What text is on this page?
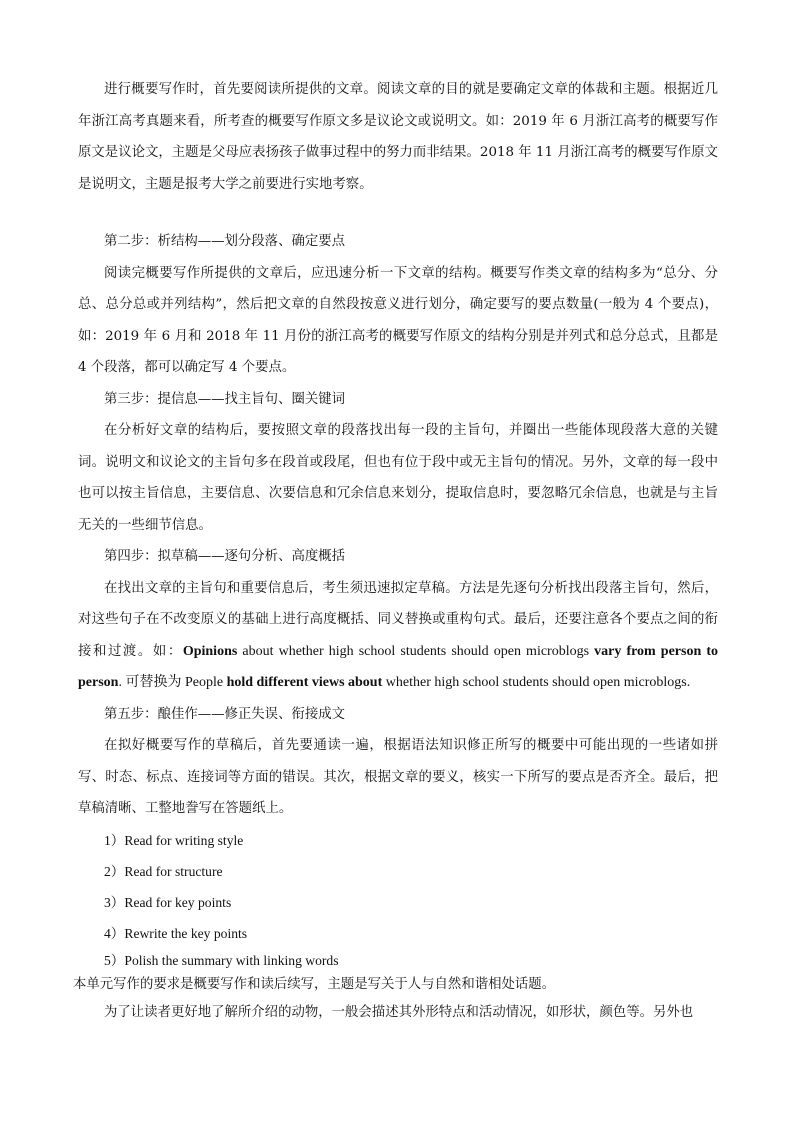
进行概要写作时，首先要阅读所提供的文章。阅读文章的目的就是要确定文章的体裁和主题。根据近几年浙江高考真题来看，所考查的概要写作原文多是议论文或说明文。如：2019 年 6 月浙江高考的概要写作原文是议论文，主题是父母应表扬孩子做事过程中的努力而非结果。2018 年 11 月浙江高考的概要写作原文是说明文，主题是报考大学之前要进行实地考察。

第二步：析结构——划分段落、确定要点

阅读完概要写作所提供的文章后，应迅速分析一下文章的结构。概要写作类文章的结构多为“总分、分总、总分总或并列结构”，然后把文章的自然段按意义进行划分，确定要写的要点数量(一般为 4 个要点)，如：2019 年 6 月和 2018 年 11 月份的浙江高考的概要写作原文的结构分别是并列式和总分总式，且都是 4 个段落，都可以确定写 4 个要点。

第三步：提信息——找主旨句、圈关键词

在分析好文章的结构后，要按照文章的段落找出每一段的主旨句，并圈出一些能体现段落大意的关键词。说明文和议论文的主旨句多在段首或段尾，但也有位于段中或无主旨句的情况。另外，文章的每一段中也可以按主旨信息，主要信息、次要信息和冗余信息来划分，提取信息时，要忽略冗余信息，也就是与主旨无关的一些细节信息。

第四步：拟草稿——逐句分析、高度概括

在找出文章的主旨句和重要信息后，考生须迅速拟定草稿。方法是先逐句分析找出段落主旨句，然后，对这些句子在不改变原义的基础上进行高度概括、同义替换或重构句式。最后，还要注意各个要点之间的衔接和过渡。如：Opinions about whether high school students should open microblogs vary from person to person. 可替换为 People hold different views about whether high school students should open microblogs.

第五步：酿佳作——修正失误、衔接成文

在拟好概要写作的草稿后，首先要通读一遍，根据语法知识修正所写的概要中可能出现的一些诸如拼写、时态、标点、连接词等方面的错误。其次，根据文章的要义，核实一下所写的要点是否齐全。最后，把草稿清晰、工整地誊写在答题纸上。

1）Read for writing style
2）Read for structure
3）Read for key points
4）Rewrite the key points
5）Polish the summary with linking words

本单元写作的要求是概要写作和读后续写，主题是写关于人与自然和谐相处话题。

为了让读者更好地了解所介绍的动物，一般会描述其外形特点和活动情况，如形状，颜色等。另外也
